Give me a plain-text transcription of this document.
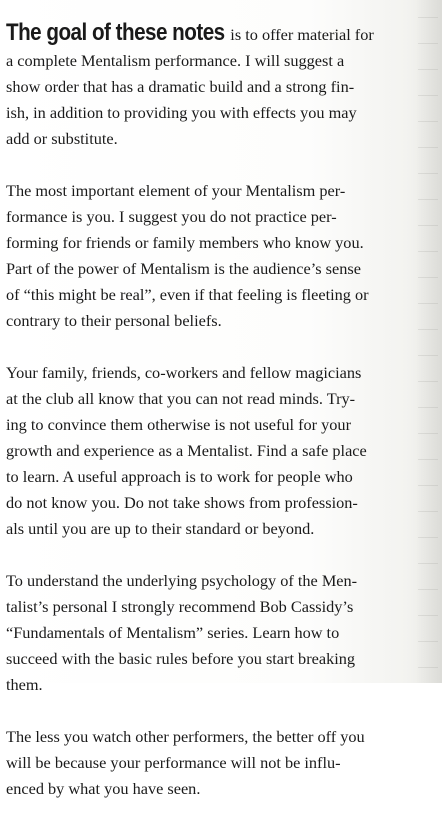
The goal of these notes is to offer material for
a complete Mentalism performance. I will suggest a
show order that has a dramatic build and a strong fin-
ish, in addition to providing you with effects you may
add or substitute.

The most important element of your Mentalism per-
formance is you. I suggest you do not practice per-
forming for friends or family members who know you.
Part of the power of Mentalism is the audience’s sense
of “this might be real”, even if that feeling is fleeting or
contrary to their personal beliefs.

Your family, friends, co-workers and fellow magicians
at the club all know that you can not read minds. Try-
ing to convince them otherwise is not useful for your
growth and experience as a Mentalist. Find a safe place
to learn. A useful approach is to work for people who
do not know you. Do not take shows from profession-
als until you are up to their standard or beyond.

To understand the underlying psychology of the Men-
talist’s personal I strongly recommend Bob Cassidy’s
“Fundamentals of Mentalism” series. Learn how to
succeed with the basic rules before you start breaking
them.

The less you watch other performers, the better off you
will be because your performance will not be influ-
enced by what you have seen.
